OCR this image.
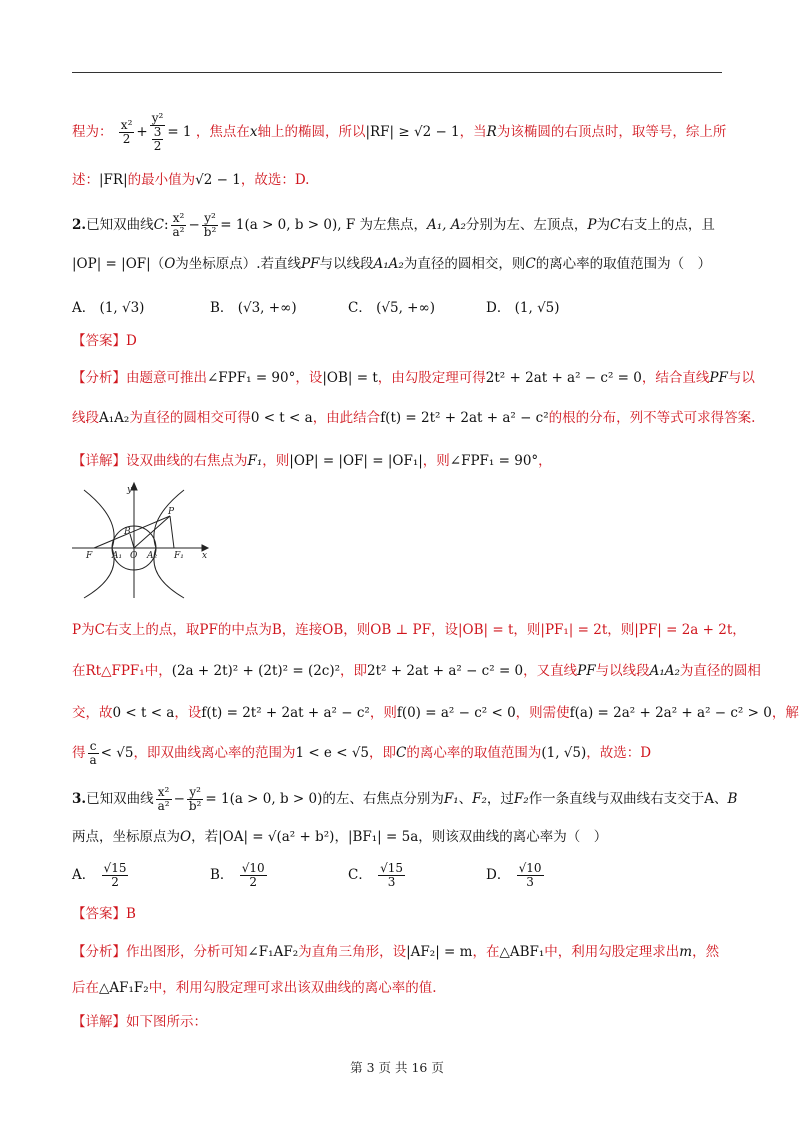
程为： $\frac{\text{x²}}{2} + \frac{\text{y²}}{\frac{3}{2}} = 1$ ，焦点在x轴上的椭圆，所以|RF| ≥ √2 − 1，当R为该椭圆的右顶点时，取等号，综上所
述：|FR|的最小值为√2 − 1，故选：D.
2.已知双曲线C: $\frac{\text{x²}}{\text{a²}} - \frac{\text{y²}}{\text{b²}} = 1(a > 0$, b > 0), F 为左焦点，A₁, A₂分别为左、左顶点，P为C右支上的点，且
|OP| = |OF|（O为坐标原点）.若直线PF与以线段A₁A₂为直径的圆相交，则C的离心率的取值范围为（　）
A． (1, √3)	B． (√3, +∞)	C． (√5, +∞)	D． (1, √5)
【答案】D
【分析】由题意可推出∠FPF₁ = 90°，设|OB| = t，由勾股定理可得2t² + 2at + a² − c² = 0，结合直线PF与以
线段A₁A₂为直径的圆相交可得0 < t < a，由此结合f(t) = 2t² + 2at + a² − c²的根的分布，列不等式可求得答案.
【详解】设双曲线的右焦点为F₁，则|OP| = |OF| = |OF₁|，则∠FPF₁ = 90°，
y
x
P
B
F A₁ O A₂ F₁
P为C右支上的点，取PF的中点为B，连接OB，则OB ⊥ PF，设|OB| = t，则|PF₁| = 2t，则|PF| = 2a + 2t，
在Rt△FPF₁中，(2a + 2t)² + (2t)² = (2c)²，即2t² + 2at + a² − c² = 0，又直线PF与以线段A₁A₂为直径的圆相
交，故0 < t < a，设f(t) = 2t² + 2at + a² − c²，则f(0) = a² − c² < 0，则需使f(a) = 2a² + 2a² + a² − c² > 0，解
得 $\frac{c}{a} < √5$，即双曲线离心率的范围为1 < e < √5，即C的离心率的取值范围为(1, √5)，故选：D
3.已知双曲线 $\frac{\text{x²}}{\text{a²}} - \frac{\text{y²}}{\text{b²}} = 1(a > 0$, b > 0)的左、右焦点分别为F₁、F₂，过F₂作一条直线与双曲线右支交于A、B
两点，坐标原点为O，若|OA| = √(a² + b²)，|BF₁| = 5a，则该双曲线的离心率为（　）
A． $\frac{√15}{2}$	B． $\frac{√10}{2}$	C． $\frac{√15}{3}$	D． $\frac{√10}{3}$
【答案】B
【分析】作出图形，分析可知∠F₁AF₂为直角三角形，设|AF₂| = m，在△ABF₁中，利用勾股定理求出m，然
后在△AF₁F₂中，利用勾股定理可求出该双曲线的离心率的值.
【详解】如下图所示：
第 3 页 共 16 页
